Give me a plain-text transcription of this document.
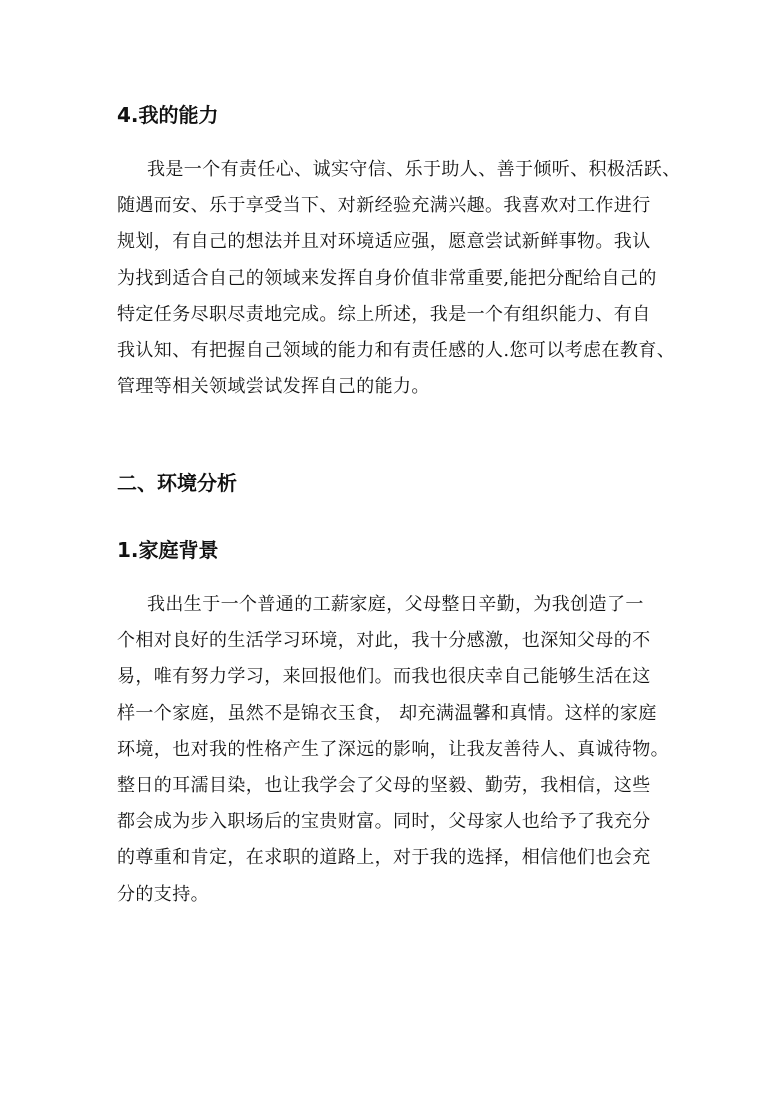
4.我的能力
我是一个有责任心、诚实守信、乐于助人、善于倾听、积极活跃、
随遇而安、乐于享受当下、对新经验充满兴趣。我喜欢对工作进行
规划，有自己的想法并且对环境适应强，愿意尝试新鲜事物。我认
为找到适合自己的领域来发挥自身价值非常重要,能把分配给自己的
特定任务尽职尽责地完成。综上所述，我是一个有组织能力、有自
我认知、有把握自己领域的能力和有责任感的人.您可以考虑在教育、
管理等相关领域尝试发挥自己的能力。
二、环境分析
1.家庭背景
我出生于一个普通的工薪家庭，父母整日辛勤，为我创造了一
个相对良好的生活学习环境，对此，我十分感激，也深知父母的不
易，唯有努力学习，来回报他们。而我也很庆幸自己能够生活在这
样一个家庭，虽然不是锦衣玉食， 却充满温馨和真情。这样的家庭
环境，也对我的性格产生了深远的影响，让我友善待人、真诚待物。
整日的耳濡目染，也让我学会了父母的坚毅、勤劳，我相信，这些
都会成为步入职场后的宝贵财富。同时，父母家人也给予了我充分
的尊重和肯定，在求职的道路上，对于我的选择，相信他们也会充
分的支持。
